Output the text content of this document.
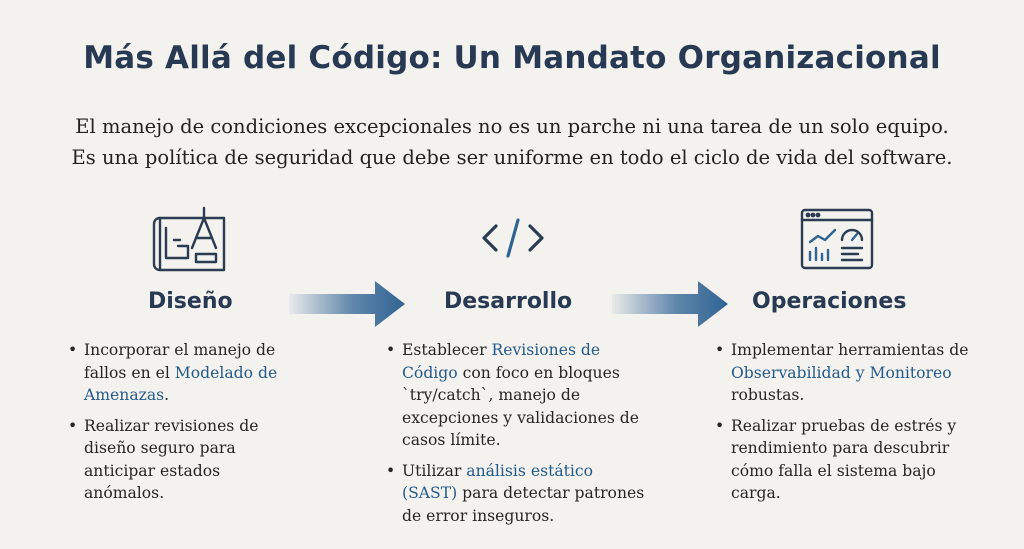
Más Allá del Código: Un Mandato Organizacional
El manejo de condiciones excepcionales no es un parche ni una tarea de un solo equipo.
Es una política de seguridad que debe ser uniforme en todo el ciclo de vida del software.
Diseño
• Incorporar el manejo de fallos en el Modelado de Amenazas.
• Realizar revisiones de diseño seguro para anticipar estados anómalos.
Desarrollo
• Establecer Revisiones de Código con foco en bloques `try/catch`, manejo de excepciones y validaciones de casos límite.
• Utilizar análisis estático (SAST) para detectar patrones de error inseguros.
Operaciones
• Implementar herramientas de Observabilidad y Monitoreo robustas.
• Realizar pruebas de estrés y rendimiento para descubrir cómo falla el sistema bajo carga.
